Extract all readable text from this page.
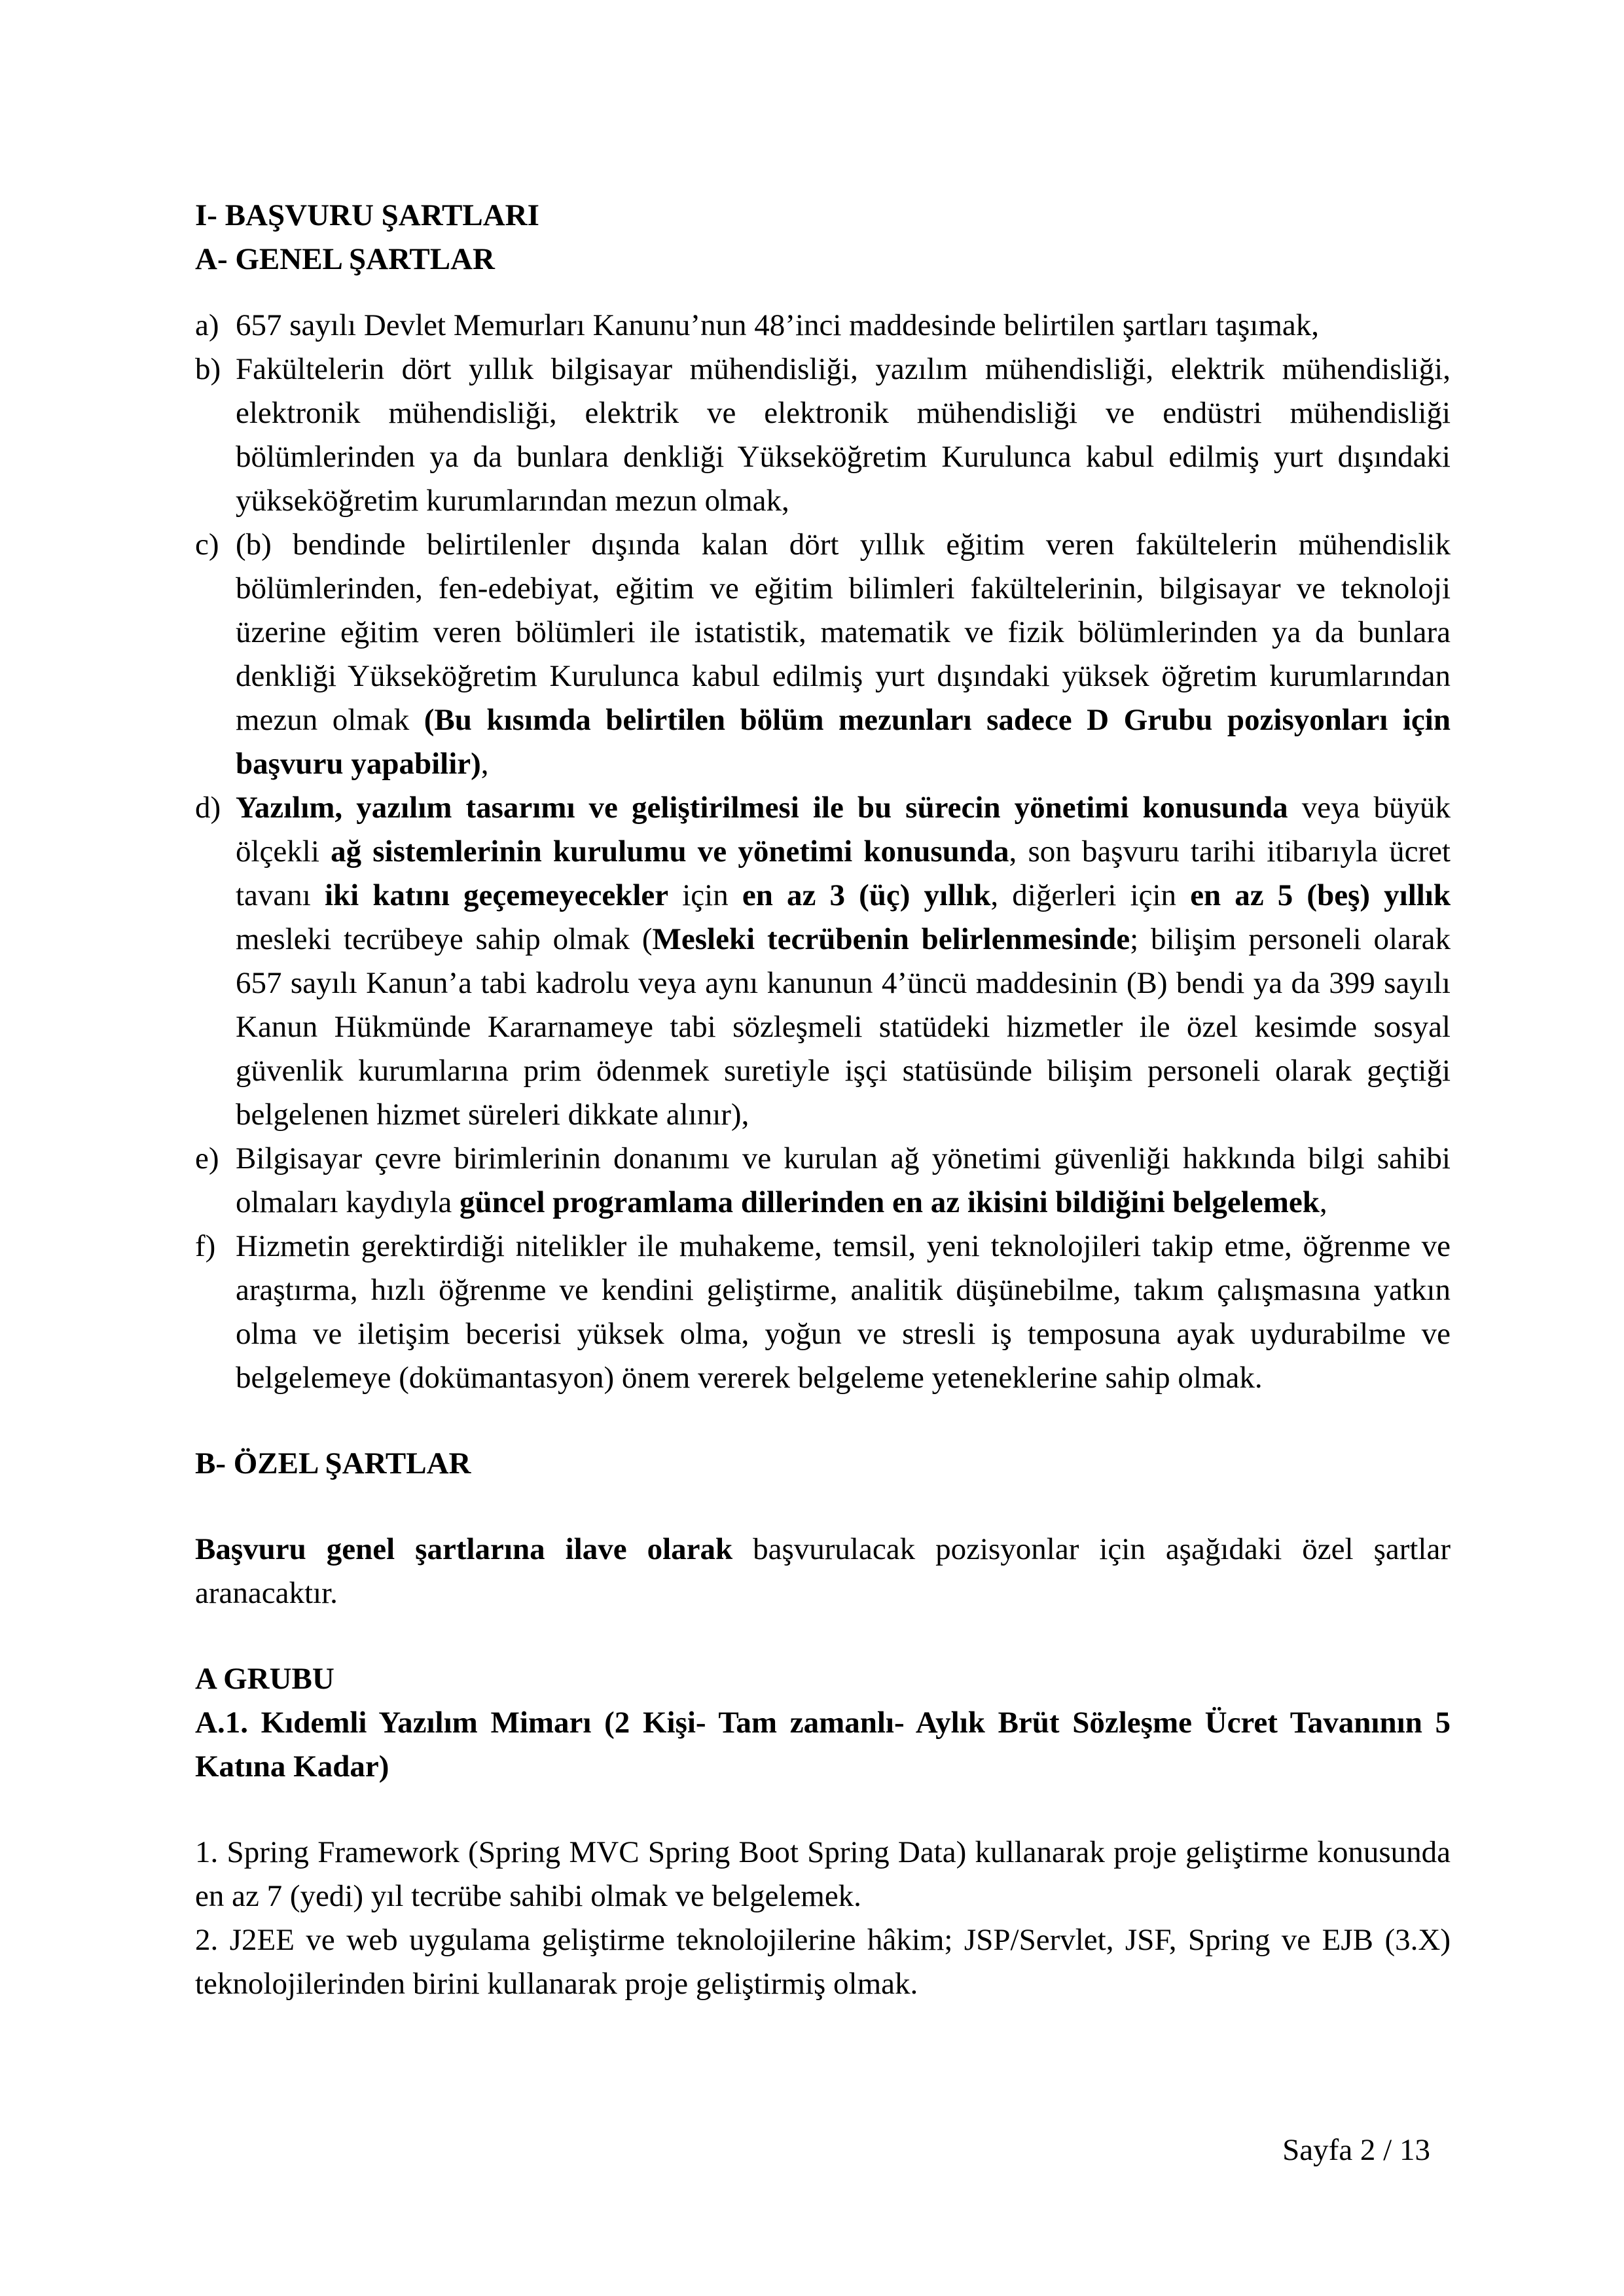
I- BAŞVURU ŞARTLARI
A- GENEL ŞARTLAR
a) 657 sayılı Devlet Memurları Kanunu’nun 48’inci maddesinde belirtilen şartları taşımak,
b) Fakültelerin dört yıllık bilgisayar mühendisliği, yazılım mühendisliği, elektrik mühendisliği, elektronik mühendisliği, elektrik ve elektronik mühendisliği ve endüstri mühendisliği bölümlerinden ya da bunlara denkliği Yükseköğretim Kurulunca kabul edilmiş yurt dışındaki yükseköğretim kurumlarından mezun olmak,
c) (b) bendinde belirtilenler dışında kalan dört yıllık eğitim veren fakültelerin mühendislik bölümlerinden, fen-edebiyat, eğitim ve eğitim bilimleri fakültelerinin, bilgisayar ve teknoloji üzerine eğitim veren bölümleri ile istatistik, matematik ve fizik bölümlerinden ya da bunlara denkliği Yükseköğretim Kurulunca kabul edilmiş yurt dışındaki yüksek öğretim kurumlarından mezun olmak (Bu kısımda belirtilen bölüm mezunları sadece D Grubu pozisyonları için başvuru yapabilir),
d) Yazılım, yazılım tasarımı ve geliştirilmesi ile bu sürecin yönetimi konusunda veya büyük ölçekli ağ sistemlerinin kurulumu ve yönetimi konusunda, son başvuru tarihi itibarıyla ücret tavanı iki katını geçemeyecekler için en az 3 (üç) yıllık, diğerleri için en az 5 (beş) yıllık mesleki tecrübeye sahip olmak (Mesleki tecrübenin belirlenmesinde; bilişim personeli olarak 657 sayılı Kanun’a tabi kadrolu veya aynı kanunun 4’üncü maddesinin (B) bendi ya da 399 sayılı Kanun Hükmünde Kararnameye tabi sözleşmeli statüdeki hizmetler ile özel kesimde sosyal güvenlik kurumlarına prim ödenmek suretiyle işçi statüsünde bilişim personeli olarak geçtiği belgelenen hizmet süreleri dikkate alınır),
e) Bilgisayar çevre birimlerinin donanımı ve kurulan ağ yönetimi güvenliği hakkında bilgi sahibi olmaları kaydıyla güncel programlama dillerinden en az ikisini bildiğini belgelemek,
f) Hizmetin gerektirdiği nitelikler ile muhakeme, temsil, yeni teknolojileri takip etme, öğrenme ve araştırma, hızlı öğrenme ve kendini geliştirme, analitik düşünebilme, takım çalışmasına yatkın olma ve iletişim becerisi yüksek olma, yoğun ve stresli iş temposuna ayak uydurabilme ve belgelemeye (dokümantasyon) önem vererek belgeleme yeteneklerine sahip olmak.
B- ÖZEL ŞARTLAR
Başvuru genel şartlarına ilave olarak başvurulacak pozisyonlar için aşağıdaki özel şartlar aranacaktır.
A GRUBU
A.1. Kıdemli Yazılım Mimarı (2 Kişi- Tam zamanlı- Aylık Brüt Sözleşme Ücret Tavanının 5 Katına Kadar)
1. Spring Framework (Spring MVC Spring Boot Spring Data) kullanarak proje geliştirme konusunda en az 7 (yedi) yıl tecrübe sahibi olmak ve belgelemek.
2. J2EE ve web uygulama geliştirme teknolojilerine hâkim; JSP/Servlet, JSF, Spring ve EJB (3.X) teknolojilerinden birini kullanarak proje geliştirmiş olmak.
Sayfa 2 / 13
